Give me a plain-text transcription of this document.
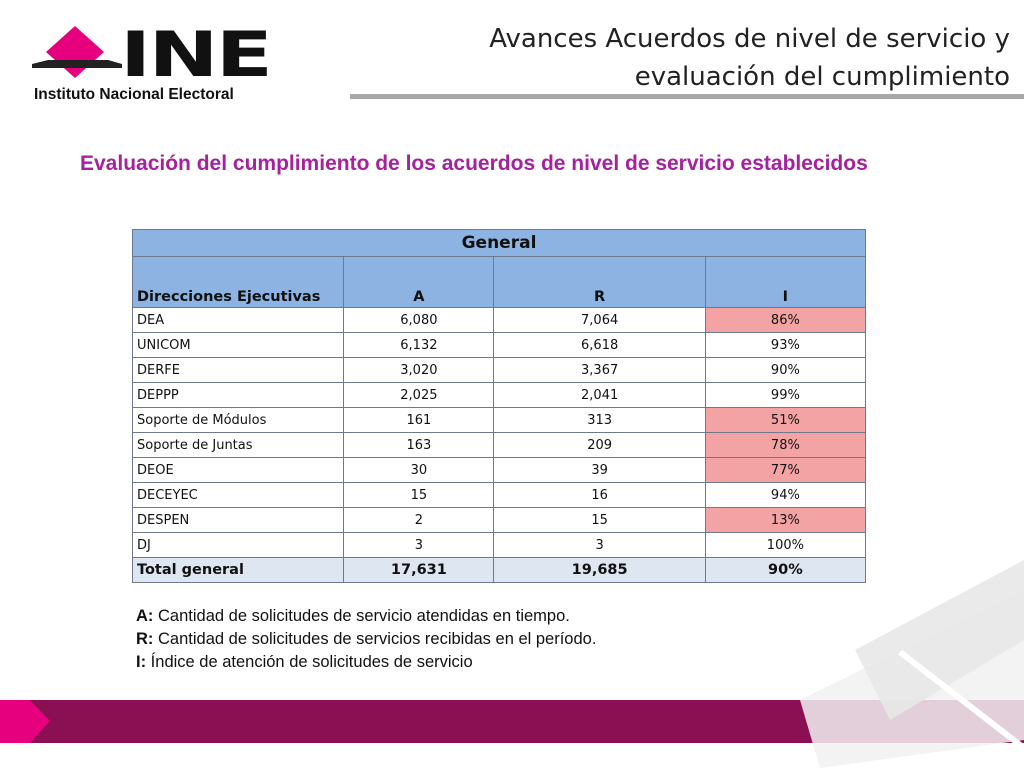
INE
Instituto Nacional Electoral
Avances Acuerdos de nivel de servicio y
evaluación del cumplimiento
Evaluación del cumplimiento de los acuerdos de nivel de servicio establecidos
General			
Direcciones Ejecutivas	A	R	I
DEA	6,080	7,064	86%
UNICOM	6,132	6,618	93%
DERFE	3,020	3,367	90%
DEPPP	2,025	2,041	99%
Soporte de Módulos	161	313	51%
Soporte de Juntas	163	209	78%
DEOE	30	39	77%
DECEYEC	15	16	94%
DESPEN	2	15	13%
DJ	3	3	100%
Total general	17,631	19,685	90%
A: Cantidad de solicitudes de servicio atendidas en tiempo.
R: Cantidad de solicitudes de servicios recibidas en el período.
I: Índice de atención de solicitudes de servicio
